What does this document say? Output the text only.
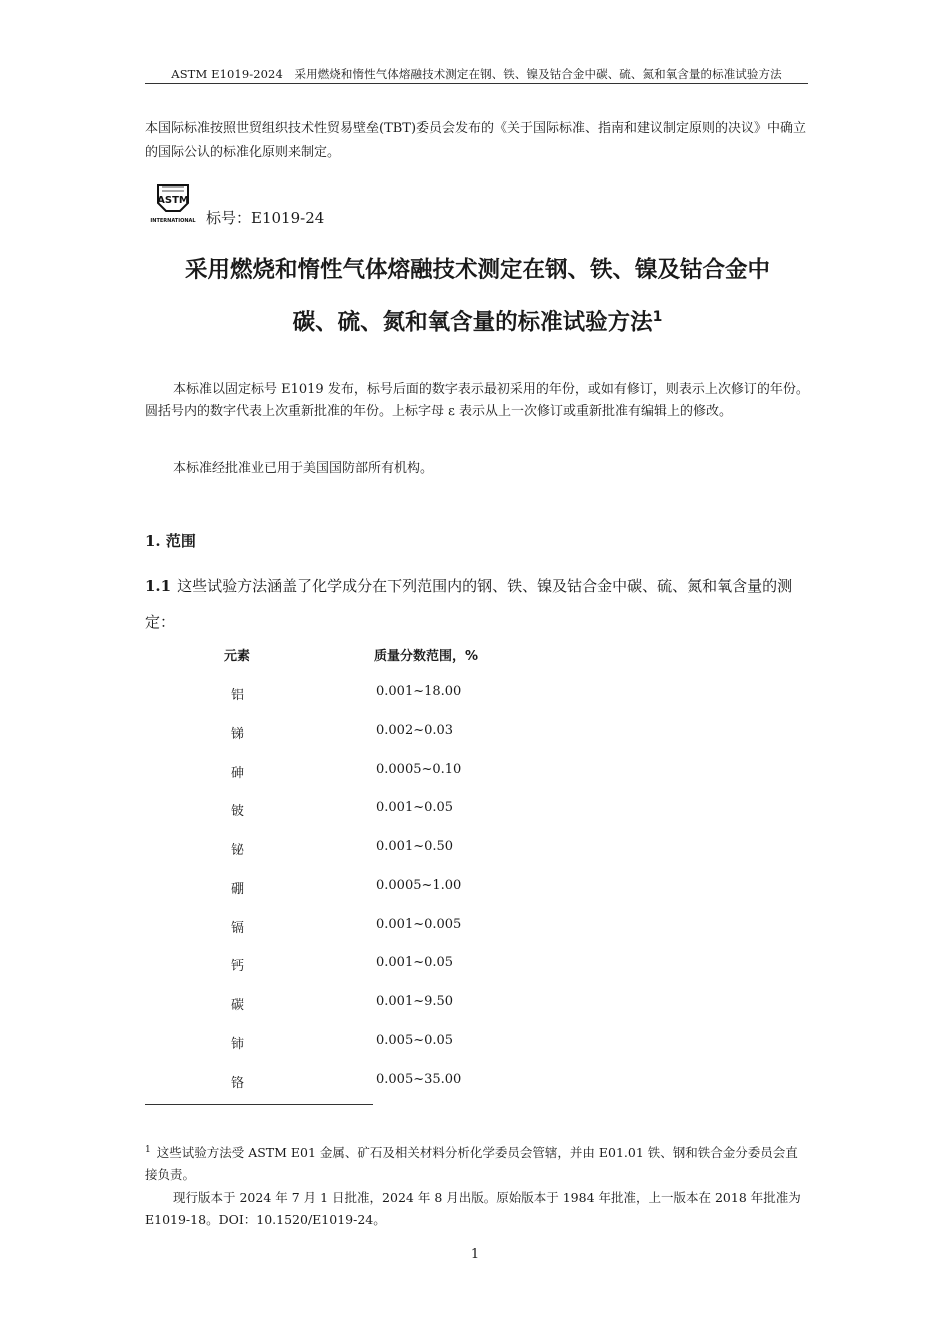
ASTM E1019-2024　采用燃烧和惰性气体熔融技术测定在钢、铁、镍及钴合金中碳、硫、氮和氧含量的标准试验方法
本国际标准按照世贸组织技术性贸易壁垒(TBT)委员会发布的《关于国际标准、指南和建议制定原则的决议》中确立的国际公认的标准化原则来制定。
ASTM
INTERNATIONAL 标号：E1019-24
采用燃烧和惰性气体熔融技术测定在钢、铁、镍及钴合金中
碳、硫、氮和氧含量的标准试验方法$^1$
本标准以固定标号 E1019 发布，标号后面的数字表示最初采用的年份，或如有修订，则表示上次修订的年份。圆括号内的数字代表上次重新批准的年份。上标字母 ε 表示从上一次修订或重新批准有编辑上的修改。
本标准经批准业已用于美国国防部所有机构。
1. 范围
1.1 这些试验方法涵盖了化学成分在下列范围内的钢、铁、镍及钴合金中碳、硫、氮和氧含量的测定：
元素	质量分数范围，%
铝	0.001~18.00
锑	0.002~0.03
砷	0.0005~0.10
铍	0.001~0.05
铋	0.001~0.50
硼	0.0005~1.00
镉	0.001~0.005
钙	0.001~0.05
碳	0.001~9.50
铈	0.005~0.05
铬	0.005~35.00
$^1$ 这些试验方法受 ASTM E01 金属、矿石及相关材料分析化学委员会管辖，并由 E01.01 铁、钢和铁合金分委员会直接负责。
现行版本于 2024 年 7 月 1 日批准，2024 年 8 月出版。原始版本于 1984 年批准，上一版本在 2018 年批准为 E1019-18。DOI：10.1520/E1019-24。
1
